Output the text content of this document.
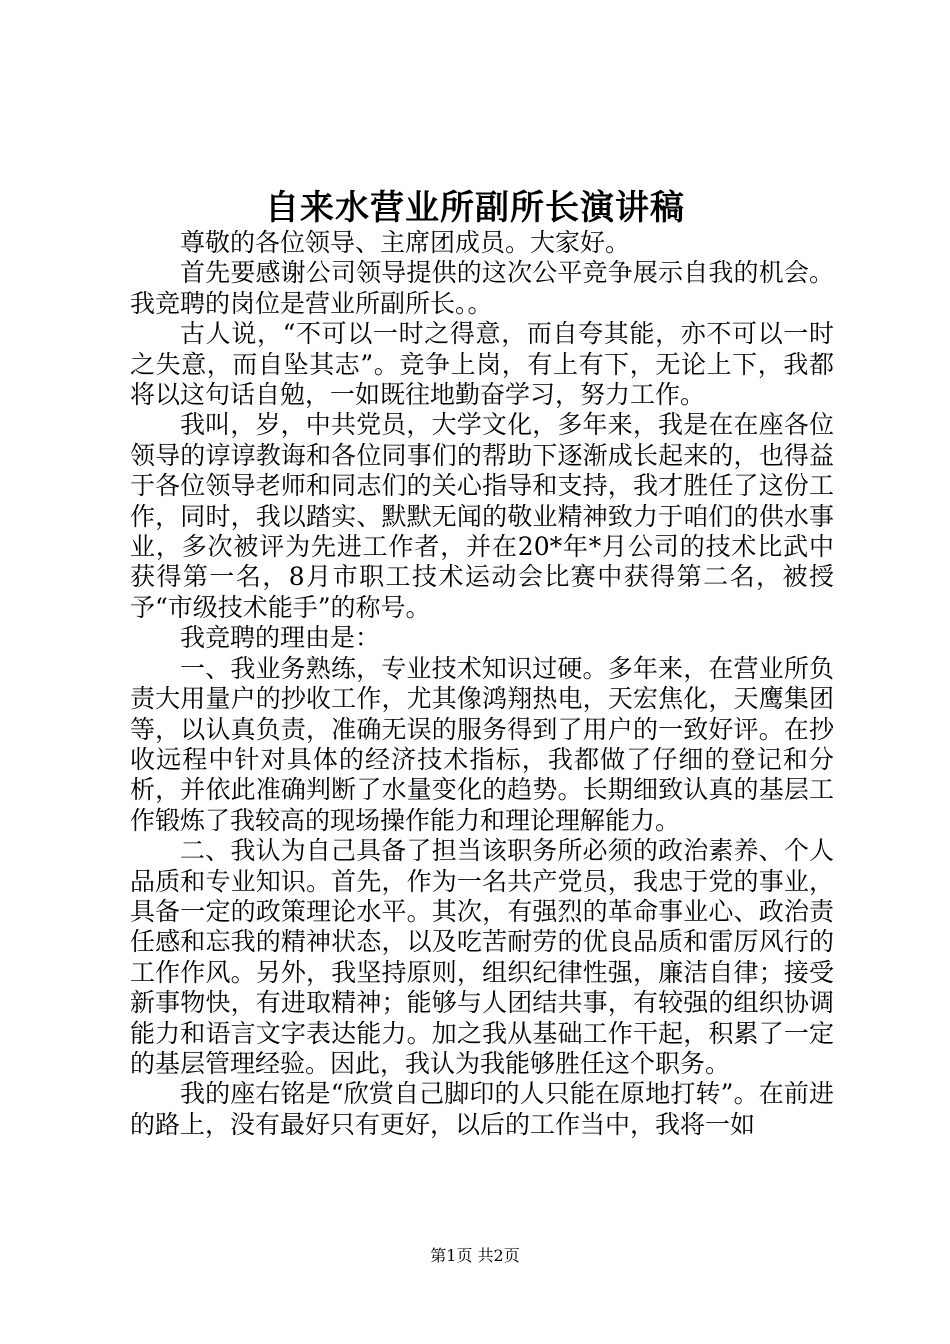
自来水营业所副所长演讲稿

尊敬的各位领导、主席团成员。大家好。

首先要感谢公司领导提供的这次公平竞争展示自我的机会。我竞聘的岗位是营业所副所长。。

古人说，“不可以一时之得意，而自夸其能，亦不可以一时之失意，而自坠其志”。竞争上岗，有上有下，无论上下，我都将以这句话自勉，一如既往地勤奋学习，努力工作。

我叫，岁，中共党员，大学文化，多年来，我是在在座各位领导的谆谆教诲和各位同事们的帮助下逐渐成长起来的，也得益于各位领导老师和同志们的关心指导和支持，我才胜任了这份工作，同时，我以踏实、默默无闻的敬业精神致力于咱们的供水事业，多次被评为先进工作者，并在20*年*月公司的技术比武中获得第一名，8月市职工技术运动会比赛中获得第二名，被授予“市级技术能手”的称号。

我竞聘的理由是：

一、我业务熟练，专业技术知识过硬。多年来，在营业所负责大用量户的抄收工作，尤其像鸿翔热电，天宏焦化，天鹰集团等，以认真负责，准确无误的服务得到了用户的一致好评。在抄收远程中针对具体的经济技术指标，我都做了仔细的登记和分析，并依此准确判断了水量变化的趋势。长期细致认真的基层工作锻炼了我较高的现场操作能力和理论理解能力。

二、我认为自己具备了担当该职务所必须的政治素养、个人品质和专业知识。首先，作为一名共产党员，我忠于党的事业，具备一定的政策理论水平。其次，有强烈的革命事业心、政治责任感和忘我的精神状态，以及吃苦耐劳的优良品质和雷厉风行的工作作风。另外，我坚持原则，组织纪律性强，廉洁自律；接受新事物快，有进取精神；能够与人团结共事，有较强的组织协调能力和语言文字表达能力。加之我从基础工作干起，积累了一定的基层管理经验。因此，我认为我能够胜任这个职务。

我的座右铭是“欣赏自己脚印的人只能在原地打转”。在前进的路上，没有最好只有更好，以后的工作当中，我将一如

第1页 共2页
